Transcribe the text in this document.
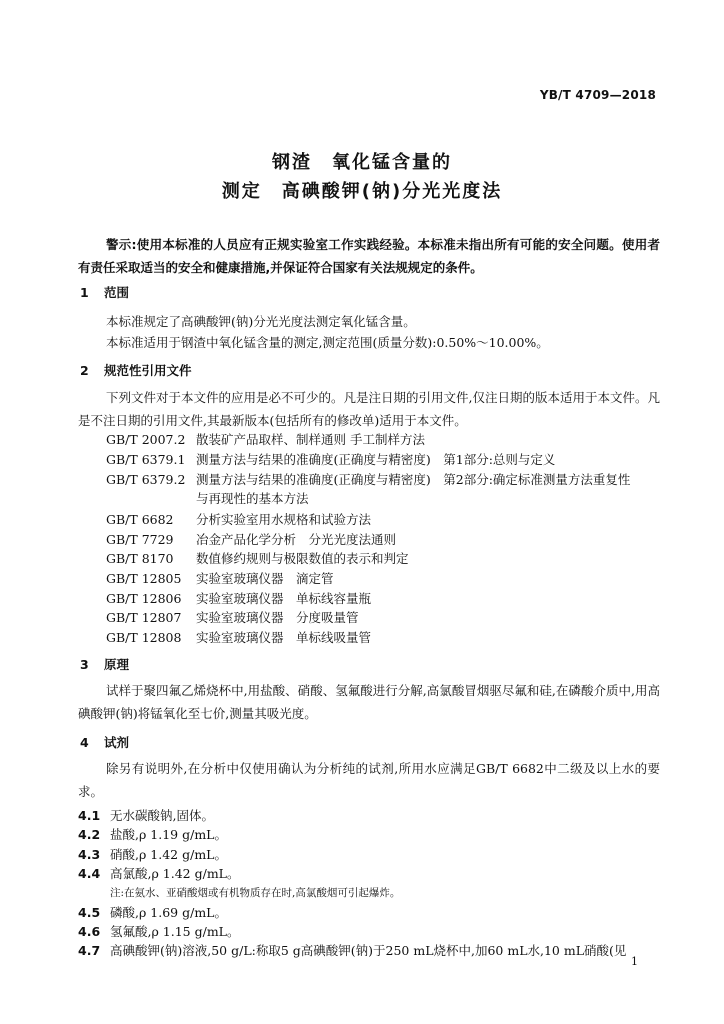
YB/T 4709—2018
钢渣　氧化锰含量的
测定　高碘酸钾(钠)分光光度法
警示:使用本标准的人员应有正规实验室工作实践经验。本标准未指出所有可能的安全问题。使用者有责任采取适当的安全和健康措施,并保证符合国家有关法规规定的条件。
1 范围
本标准规定了高碘酸钾(钠)分光光度法测定氧化锰含量。
本标准适用于钢渣中氧化锰含量的测定,测定范围(质量分数):0.50%～10.00%。
2 规范性引用文件
下列文件对于本文件的应用是必不可少的。凡是注日期的引用文件,仅注日期的版本适用于本文件。凡是不注日期的引用文件,其最新版本(包括所有的修改单)适用于本文件。
GB/T 2007.2 散装矿产品取样、制样通则 手工制样方法
GB/T 6379.1 测量方法与结果的准确度(正确度与精密度)　第1部分:总则与定义
GB/T 6379.2 测量方法与结果的准确度(正确度与精密度)　第2部分:确定标准测量方法重复性
与再现性的基本方法
GB/T 6682 分析实验室用水规格和试验方法
GB/T 7729 冶金产品化学分析　分光光度法通则
GB/T 8170 数值修约规则与极限数值的表示和判定
GB/T 12805 实验室玻璃仪器　滴定管
GB/T 12806 实验室玻璃仪器　单标线容量瓶
GB/T 12807 实验室玻璃仪器　分度吸量管
GB/T 12808 实验室玻璃仪器　单标线吸量管
3 原理
试样于聚四氟乙烯烧杯中,用盐酸、硝酸、氢氟酸进行分解,高氯酸冒烟驱尽氟和硅,在磷酸介质中,用高碘酸钾(钠)将锰氧化至七价,测量其吸光度。
4 试剂
除另有说明外,在分析中仅使用确认为分析纯的试剂,所用水应满足GB/T 6682中二级及以上水的要求。
4.1 无水碳酸钠,固体。
4.2 盐酸,ρ 1.19 g/mL。
4.3 硝酸,ρ 1.42 g/mL。
4.4 高氯酸,ρ 1.42 g/mL。
注:在氨水、亚硝酸烟或有机物质存在时,高氯酸烟可引起爆炸。
4.5 磷酸,ρ 1.69 g/mL。
4.6 氢氟酸,ρ 1.15 g/mL。
4.7 高碘酸钾(钠)溶液,50 g/L:称取5 g高碘酸钾(钠)于250 mL烧杯中,加60 mL水,10 mL硝酸(见
1
